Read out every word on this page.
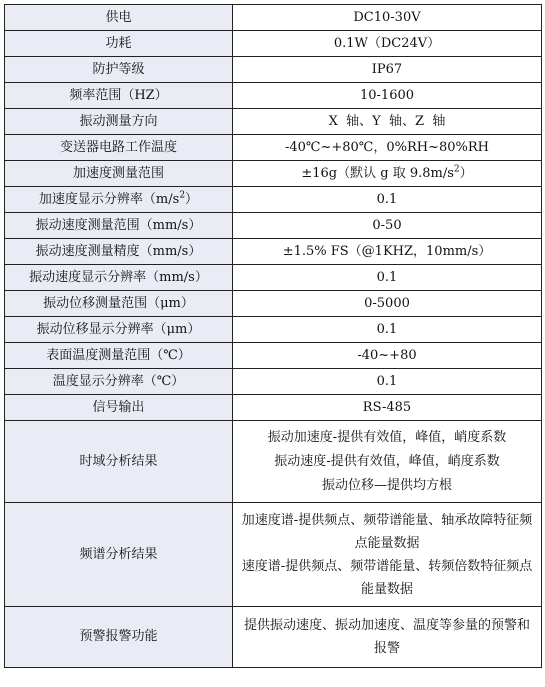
供电	DC10-30V
功耗	0.1W（DC24V）
防护等级	IP67
频率范围（HZ）	10-1600
振动测量方向	X  轴、Y  轴、Z  轴
变送器电路工作温度	-40℃~+80℃，0%RH~80%RH
加速度测量范围	±16g（默认 g 取 $9.8m/s^2$）
加速度显示分辨率$(m/s^2)$	0.1
振动速度测量范围（mm/s）	0-50
振动速度测量精度（mm/s）	±1.5% FS（@1KHZ，10mm/s）
振动速度显示分辨率（mm/s）	0.1
振动位移测量范围（μm）	0-5000
振动位移显示分辨率（μm）	0.1
表面温度测量范围（℃）	-40~+80
温度显示分辨率（℃）	0.1
信号输出	RS-485
时域分析结果	振动加速度-提供有效值，峰值，峭度系数
振动速度-提供有效值，峰值，峭度系数
振动位移—提供均方根

频谱分析结果	加速度谱-提供频点、频带谱能量、轴承故障特征频
点能量数据
速度谱-提供频点、频带谱能量、转频倍数特征频点
能量数据

预警报警功能	提供振动速度、振动加速度、温度等参量的预警和
报警
